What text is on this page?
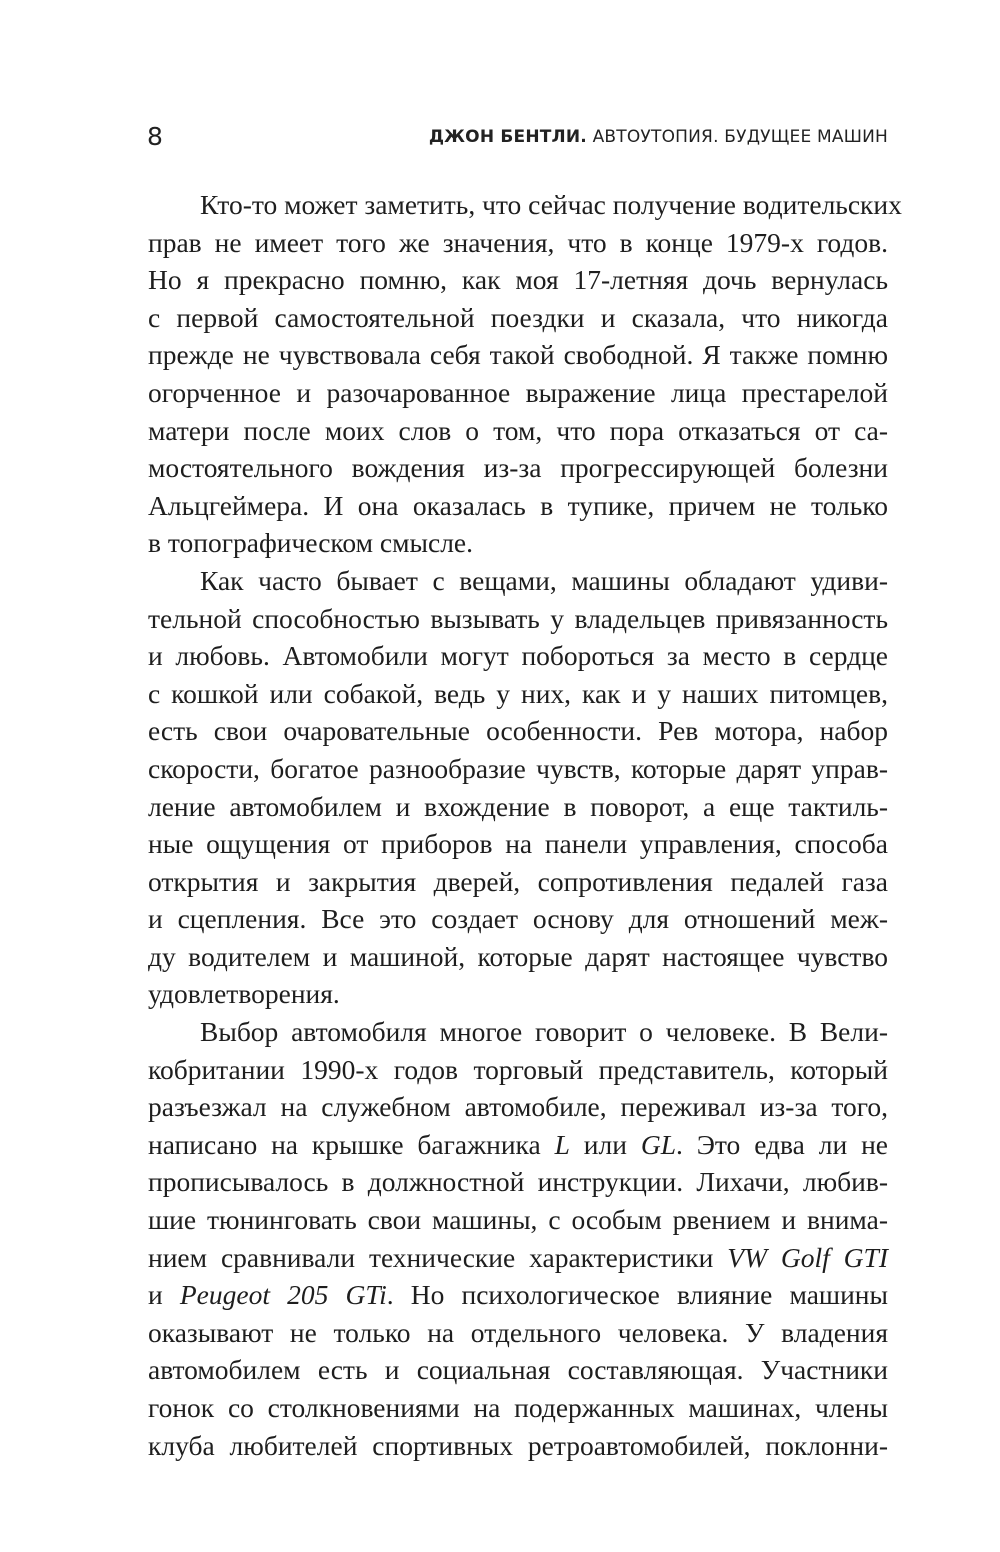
8	ДЖОН БЕНТЛИ. АВТОУТОПИЯ. БУДУЩЕЕ МАШИН
Кто-то может заметить, что сейчас получение водительских
прав не имеет того же значения, что в конце 1979-х годов.
Но я прекрасно помню, как моя 17-летняя дочь вернулась
с первой самостоятельной поездки и сказала, что никогда
прежде не чувствовала себя такой свободной. Я также помню
огорченное и разочарованное выражение лица престарелой
матери после моих слов о том, что пора отказаться от са-
мостоятельного вождения из-за прогрессирующей болезни
Альцгеймера. И она оказалась в тупике, причем не только
в топографическом смысле.
Как часто бывает с вещами, машины обладают удиви-
тельной способностью вызывать у владельцев привязанность
и любовь. Автомобили могут побороться за место в сердце
с кошкой или собакой, ведь у них, как и у наших питомцев,
есть свои очаровательные особенности. Рев мотора, набор
скорости, богатое разнообразие чувств, которые дарят управ-
ление автомобилем и вхождение в поворот, а еще тактиль-
ные ощущения от приборов на панели управления, способа
открытия и закрытия дверей, сопротивления педалей газа
и сцепления. Все это создает основу для отношений меж-
ду водителем и машиной, которые дарят настоящее чувство
удовлетворения.
Выбор автомобиля многое говорит о человеке. В Вели-
кобритании 1990-х годов торговый представитель, который
разъезжал на служебном автомобиле, переживал из-за того,
написано на крышке багажника L или GL. Это едва ли не
прописывалось в должностной инструкции. Лихачи, любив-
шие тюнинговать свои машины, с особым рвением и внима-
нием сравнивали технические характеристики VW Golf GTI
и Peugeot 205 GTi. Но психологическое влияние машины
оказывают не только на отдельного человека. У владения
автомобилем есть и социальная составляющая. Участники
гонок со столкновениями на подержанных машинах, члены
клуба любителей спортивных ретроавтомобилей, поклонни-
